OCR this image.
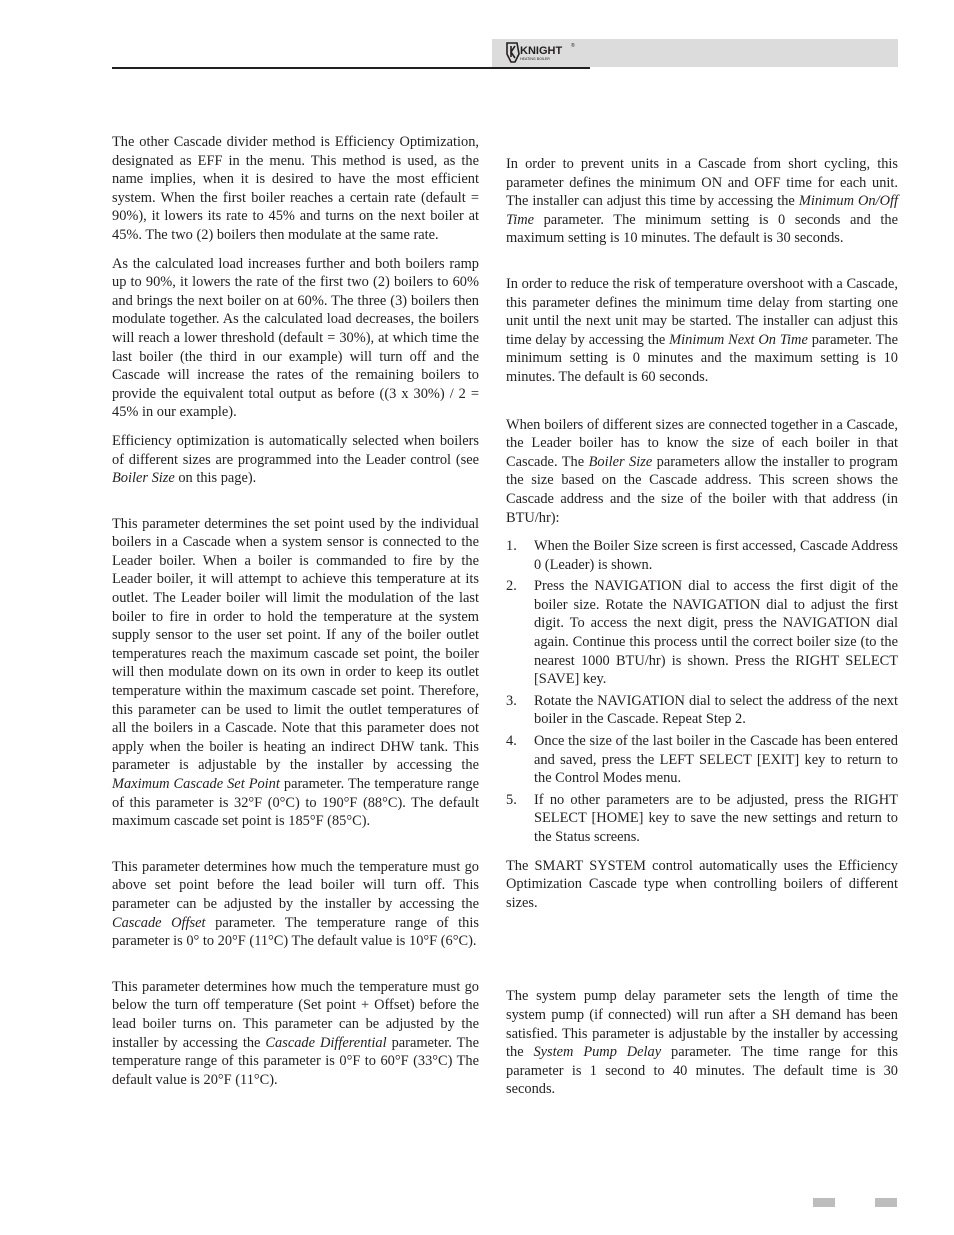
KNIGHT ®
HEATING BOILER

The other Cascade divider method is Efficiency Optimization, designated as EFF in the menu. This method is used, as the name implies, when it is desired to have the most efficient system. When the first boiler reaches a certain rate (default = 90%), it lowers its rate to 45% and turns on the next boiler at 45%. The two (2) boilers then modulate at the same rate.

As the calculated load increases further and both boilers ramp up to 90%, it lowers the rate of the first two (2) boilers to 60% and brings the next boiler on at 60%. The three (3) boilers then modulate together. As the calculated load decreases, the boilers will reach a lower threshold (default = 30%), at which time the last boiler (the third in our example) will turn off and the Cascade will increase the rates of the remaining boilers to provide the equivalent total output as before ((3 x 30%) / 2 = 45% in our example).

Efficiency optimization is automatically selected when boilers of different sizes are programmed into the Leader control (see Boiler Size on this page).

This parameter determines the set point used by the individual boilers in a Cascade when a system sensor is connected to the Leader boiler. When a boiler is commanded to fire by the Leader boiler, it will attempt to achieve this temperature at its outlet. The Leader boiler will limit the modulation of the last boiler to fire in order to hold the temperature at the system supply sensor to the user set point. If any of the boiler outlet temperatures reach the maximum cascade set point, the boiler will then modulate down on its own in order to keep its outlet temperature within the maximum cascade set point. Therefore, this parameter can be used to limit the outlet temperatures of all the boilers in a Cascade. Note that this parameter does not apply when the boiler is heating an indirect DHW tank. This parameter is adjustable by the installer by accessing the Maximum Cascade Set Point parameter. The temperature range of this parameter is 32°F (0°C) to 190°F (88°C). The default maximum cascade set point is 185°F (85°C).

This parameter determines how much the temperature must go above set point before the lead boiler will turn off. This parameter can be adjusted by the installer by accessing the Cascade Offset parameter. The temperature range of this parameter is 0° to 20°F (11°C) The default value is 10°F (6°C).

This parameter determines how much the temperature must go below the turn off temperature (Set point + Offset) before the lead boiler turns on. This parameter can be adjusted by the installer by accessing the Cascade Differential parameter. The temperature range of this parameter is 0°F to 60°F (33°C) The default value is 20°F (11°C).

In order to prevent units in a Cascade from short cycling, this parameter defines the minimum ON and OFF time for each unit. The installer can adjust this time by accessing the Minimum On/Off Time parameter. The minimum setting is 0 seconds and the maximum setting is 10 minutes. The default is 30 seconds.

In order to reduce the risk of temperature overshoot with a Cascade, this parameter defines the minimum time delay from starting one unit until the next unit may be started. The installer can adjust this time delay by accessing the Minimum Next On Time parameter. The minimum setting is 0 minutes and the maximum setting is 10 minutes. The default is 60 seconds.

When boilers of different sizes are connected together in a Cascade, the Leader boiler has to know the size of each boiler in that Cascade. The Boiler Size parameters allow the installer to program the size based on the Cascade address. This screen shows the Cascade address and the size of the boiler with that address (in BTU/hr):

1. When the Boiler Size screen is first accessed, Cascade Address 0 (Leader) is shown.
2. Press the NAVIGATION dial to access the first digit of the boiler size. Rotate the NAVIGATION dial to adjust the first digit. To access the next digit, press the NAVIGATION dial again. Continue this process until the correct boiler size (to the nearest 1000 BTU/hr) is shown. Press the RIGHT SELECT [SAVE] key.
3. Rotate the NAVIGATION dial to select the address of the next boiler in the Cascade. Repeat Step 2.
4. Once the size of the last boiler in the Cascade has been entered and saved, press the LEFT SELECT [EXIT] key to return to the Control Modes menu.
5. If no other parameters are to be adjusted, press the RIGHT SELECT [HOME] key to save the new settings and return to the Status screens.

The SMART SYSTEM control automatically uses the Efficiency Optimization Cascade type when controlling boilers of different sizes.

The system pump delay parameter sets the length of time the system pump (if connected) will run after a SH demand has been satisfied. This parameter is adjustable by the installer by accessing the System Pump Delay parameter. The time range for this parameter is 1 second to 40 minutes. The default time is 30 seconds.
